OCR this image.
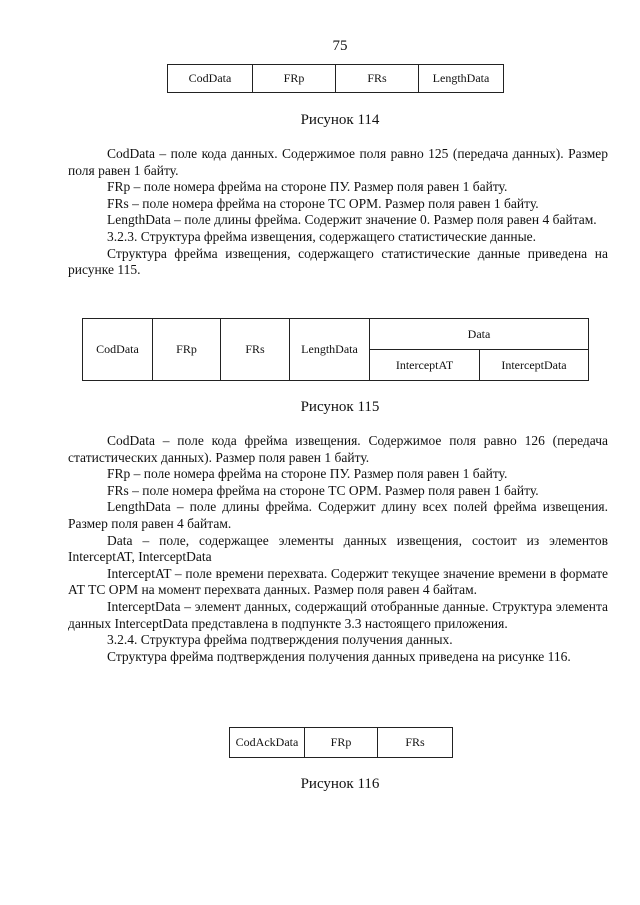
75
CodData	FRp	FRs	LengthData
Рисунок 114

CodData – поле кода данных. Содержимое поля равно 125 (передача данных). Размер поля равен 1 байту.

FRp – поле номера фрейма на стороне ПУ. Размер поля равен 1 байту.

FRs – поле номера фрейма на стороне ТС ОРМ. Размер поля равен 1 байту.

LengthData – поле длины фрейма. Содержит значение 0. Размер поля равен 4 байтам.

3.2.3. Структура фрейма извещения, содержащего статистические данные.

Структура фрейма извещения, содержащего статистические данные приведена на рисунке 115.

CodData	FRp	FRs	LengthData	Data	
				InterceptAT	InterceptData
Рисунок 115

CodData – поле кода фрейма извещения. Содержимое поля равно 126 (передача статистических данных). Размер поля равен 1 байту.

FRp – поле номера фрейма на стороне ПУ. Размер поля равен 1 байту.

FRs – поле номера фрейма на стороне ТС ОРМ. Размер поля равен 1 байту.

LengthData – поле длины фрейма. Содержит длину всех полей фрейма извещения. Размер поля равен 4 байтам.

Data – поле, содержащее элементы данных извещения, состоит из элементов InterceptAT, InterceptData

InterceptAT – поле времени перехвата. Содержит текущее значение времени в формате АТ ТС ОРМ на момент перехвата данных. Размер поля равен 4 байтам.

InterceptData – элемент данных, содержащий отобранные данные. Структура элемента данных InterceptData представлена в подпункте 3.3 настоящего приложения.

3.2.4. Структура фрейма подтверждения получения данных.

Структура фрейма подтверждения получения данных приведена на рисунке 116.

CodAckData	FRp	FRs
Рисунок 116
